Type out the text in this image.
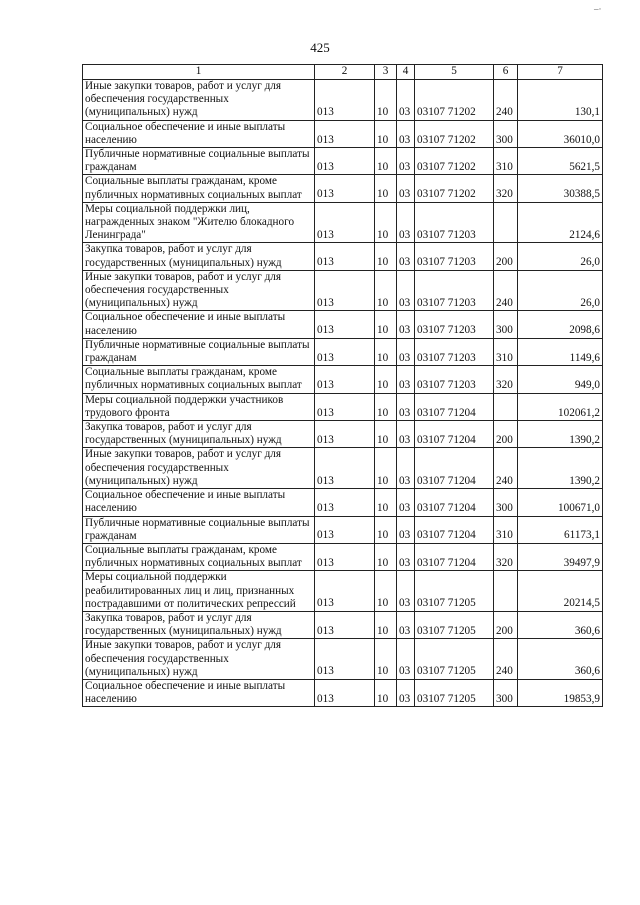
425
–·
1	2	3	4	5	6	7
Иные закупки товаров, работ и услуг для обеспечения государственных (муниципальных) нужд	013	10	03	03107 71202	240	130,1
Социальное обеспечение и иные выплаты населению	013	10	03	03107 71202	300	36010,0
Публичные нормативные социальные выплаты гражданам	013	10	03	03107 71202	310	5621,5
Социальные выплаты гражданам, кроме публичных нормативных социальных выплат	013	10	03	03107 71202	320	30388,5
Меры социальной поддержки лиц, награжденных знаком "Жителю блокадного Ленинграда"	013	10	03	03107 71203		2124,6
Закупка товаров, работ и услуг для государственных (муниципальных) нужд	013	10	03	03107 71203	200	26,0
Иные закупки товаров, работ и услуг для обеспечения государственных (муниципальных) нужд	013	10	03	03107 71203	240	26,0
Социальное обеспечение и иные выплаты населению	013	10	03	03107 71203	300	2098,6
Публичные нормативные социальные выплаты гражданам	013	10	03	03107 71203	310	1149,6
Социальные выплаты гражданам, кроме публичных нормативных социальных выплат	013	10	03	03107 71203	320	949,0
Меры социальной поддержки участников трудового фронта	013	10	03	03107 71204		102061,2
Закупка товаров, работ и услуг для государственных (муниципальных) нужд	013	10	03	03107 71204	200	1390,2
Иные закупки товаров, работ и услуг для обеспечения государственных (муниципальных) нужд	013	10	03	03107 71204	240	1390,2
Социальное обеспечение и иные выплаты населению	013	10	03	03107 71204	300	100671,0
Публичные нормативные социальные выплаты гражданам	013	10	03	03107 71204	310	61173,1
Социальные выплаты гражданам, кроме публичных нормативных социальных выплат	013	10	03	03107 71204	320	39497,9
Меры социальной поддержки реабилитированных лиц и лиц, признанных пострадавшими от политических репрессий	013	10	03	03107 71205		20214,5
Закупка товаров, работ и услуг для государственных (муниципальных) нужд	013	10	03	03107 71205	200	360,6
Иные закупки товаров, работ и услуг для обеспечения государственных (муниципальных) нужд	013	10	03	03107 71205	240	360,6
Социальное обеспечение и иные выплаты населению	013	10	03	03107 71205	300	19853,9
